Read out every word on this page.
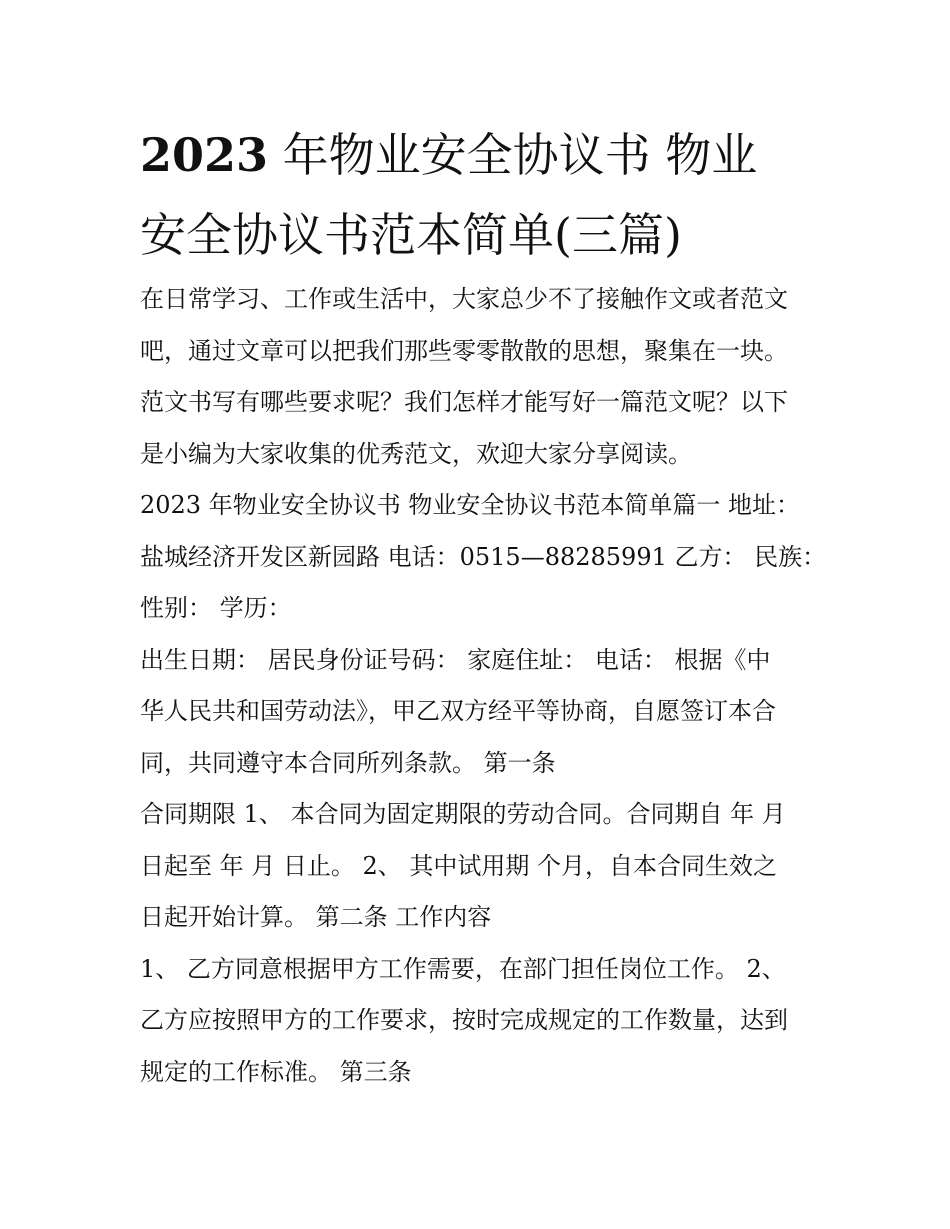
2023 年物业安全协议书 物业
安全协议书范本简单(三篇)
在日常学习、工作或生活中，大家总少不了接触作文或者范文
吧，通过文章可以把我们那些零零散散的思想，聚集在一块。
范文书写有哪些要求呢？我们怎样才能写好一篇范文呢？以下
是小编为大家收集的优秀范文，欢迎大家分享阅读。
2023 年物业安全协议书 物业安全协议书范本简单篇一 地址：
盐城经济开发区新园路 电话：0515—88285991 乙方： 民族：
性别： 学历：
出生日期： 居民身份证号码： 家庭住址： 电话： 根据《中
华人民共和国劳动法》，甲乙双方经平等协商，自愿签订本合
同，共同遵守本合同所列条款。 第一条
合同期限 1、 本合同为固定期限的劳动合同。合同期自 年 月
日起至 年 月 日止。 2、 其中试用期 个月，自本合同生效之
日起开始计算。 第二条 工作内容
1、 乙方同意根据甲方工作需要，在部门担任岗位工作。 2、
乙方应按照甲方的工作要求，按时完成规定的工作数量，达到
规定的工作标准。 第三条
